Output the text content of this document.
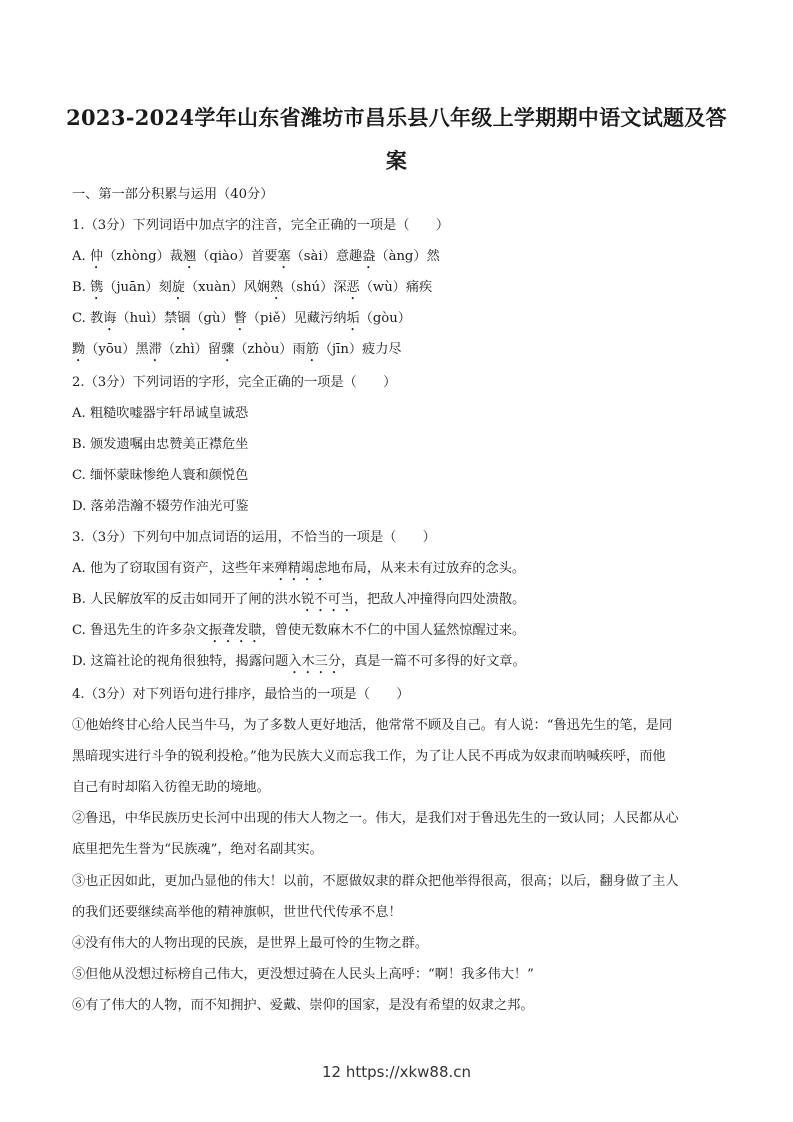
2023-2024学年山东省潍坊市昌乐县八年级上学期期中语文试题及答
案
一、第一部分积累与运用（40分）
1.（3分）下列词语中加点字的注音，完全正确的一项是（　　）
A. 仲（zhòng）裁翘（qiào）首要塞（sài）意趣盎（àng）然
B. 镌（juān）刻旋（xuàn）风娴熟（shú）深恶（wù）痛疾
C. 教诲（huì）禁锢（gù）瞥（piě）见藏污纳垢（gòu）
黝（yōu）黑滞（zhì）留骤（zhòu）雨筋（jīn）疲力尽
2.（3分）下列词语的字形，完全正确的一项是（　　）
A. 粗糙吹嘘器宇轩昂诚皇诚恐
B. 颁发遗嘱由忠赞美正襟危坐
C. 缅怀蒙昧惨绝人寰和颜悦色
D. 落弟浩瀚不辍劳作油光可鉴
3.（3分）下列句中加点词语的运用，不恰当的一项是（　　）
A. 他为了窃取国有资产，这些年来殚精竭虑地布局，从来未有过放弃的念头。
B. 人民解放军的反击如同开了闸的洪水锐不可当，把敌人冲撞得向四处溃散。
C. 鲁迅先生的许多杂文振聋发聩，曾使无数麻木不仁的中国人猛然惊醒过来。
D. 这篇社论的视角很独特，揭露问题入木三分，真是一篇不可多得的好文章。
4.（3分）对下列语句进行排序，最恰当的一项是（　　）
①他始终甘心给人民当牛马，为了多数人更好地活，他常常不顾及自己。有人说：“鲁迅先生的笔，是同
黑暗现实进行斗争的锐利投枪。”他为民族大义而忘我工作，为了让人民不再成为奴隶而呐喊疾呼，而他
自己有时却陷入彷徨无助的境地。
②鲁迅，中华民族历史长河中出现的伟大人物之一。伟大，是我们对于鲁迅先生的一致认同；人民都从心
底里把先生誉为“民族魂”，绝对名副其实。
③也正因如此，更加凸显他的伟大！以前，不愿做奴隶的群众把他举得很高，很高；以后，翻身做了主人
的我们还要继续高举他的精神旗帜，世世代代传承不息！
④没有伟大的人物出现的民族，是世界上最可怜的生物之群。
⑤但他从没想过标榜自己伟大，更没想过骑在人民头上高呼：“啊！我多伟大！”
⑥有了伟大的人物，而不知拥护、爱戴、崇仰的国家，是没有希望的奴隶之邦。
12 https://xkw88.cn
